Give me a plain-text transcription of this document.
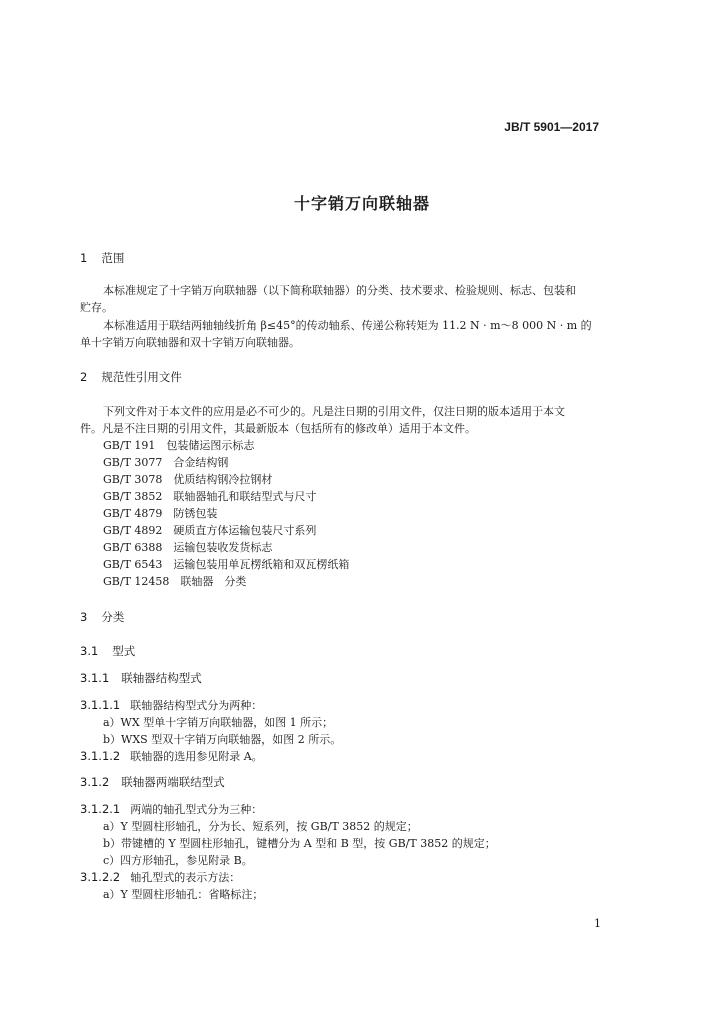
JB/T 5901—2017
十字销万向联轴器
1 范围
本标准规定了十字销万向联轴器（以下简称联轴器）的分类、技术要求、检验规则、标志、包装和
贮存。
本标准适用于联结两轴轴线折角 β≤45°的传动轴系、传递公称转矩为 11.2 N · m～8 000 N · m 的
单十字销万向联轴器和双十字销万向联轴器。
2 规范性引用文件
下列文件对于本文件的应用是必不可少的。凡是注日期的引用文件，仅注日期的版本适用于本文
件。凡是不注日期的引用文件，其最新版本（包括所有的修改单）适用于本文件。
GB/T 191　 包装储运图示标志
GB/T 3077　 合金结构钢
GB/T 3078　 优质结构钢冷拉钢材
GB/T 3852　 联轴器轴孔和联结型式与尺寸
GB/T 4879　 防锈包装
GB/T 4892　 硬质直方体运输包装尺寸系列
GB/T 6388　 运输包装收发货标志
GB/T 6543　 运输包装用单瓦楞纸箱和双瓦楞纸箱
GB/T 12458　 联轴器　分类
3 分类
3.1 型式
3.1.1 联轴器结构型式
3.1.1.1 联轴器结构型式分为两种：
a）WX 型单十字销万向联轴器，如图 1 所示；
b）WXS 型双十字销万向联轴器，如图 2 所示。
3.1.1.2 联轴器的选用参见附录 A。
3.1.2 联轴器两端联结型式
3.1.2.1 两端的轴孔型式分为三种：
a）Y 型圆柱形轴孔，分为长、短系列，按 GB/T 3852 的规定；
b）带键槽的 Y 型圆柱形轴孔，键槽分为 A 型和 B 型，按 GB/T 3852 的规定；
c）四方形轴孔，参见附录 B。
3.1.2.2 轴孔型式的表示方法：
a）Y 型圆柱形轴孔：省略标注；
1
